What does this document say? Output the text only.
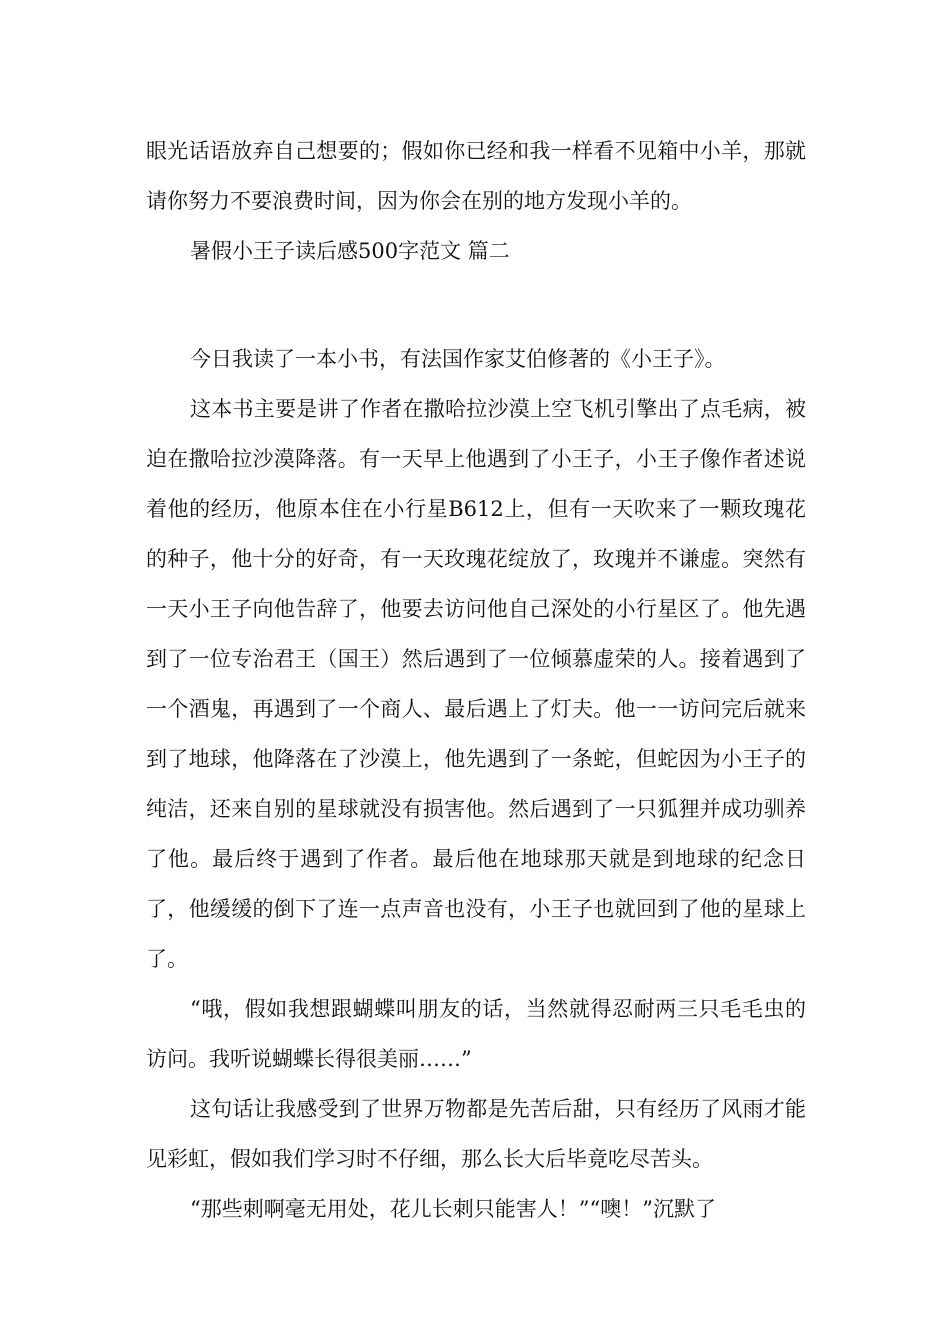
眼光话语放弃自己想要的；假如你已经和我一样看不见箱中小羊，那就请你努力不要浪费时间，因为你会在别的地方发现小羊的。

暑假小王子读后感500字范文 篇二

今日我读了一本小书，有法国作家艾伯修著的《小王子》。

这本书主要是讲了作者在撒哈拉沙漠上空飞机引擎出了点毛病，被迫在撒哈拉沙漠降落。有一天早上他遇到了小王子，小王子像作者述说着他的经历，他原本住在小行星B612上，但有一天吹来了一颗玫瑰花的种子，他十分的好奇，有一天玫瑰花绽放了，玫瑰并不谦虚。突然有一天小王子向他告辞了，他要去访问他自己深处的小行星区了。他先遇到了一位专治君王（国王）然后遇到了一位倾慕虚荣的人。接着遇到了一个酒鬼，再遇到了一个商人、最后遇上了灯夫。他一一访问完后就来到了地球，他降落在了沙漠上，他先遇到了一条蛇，但蛇因为小王子的纯洁，还来自别的星球就没有损害他。然后遇到了一只狐狸并成功驯养了他。最后终于遇到了作者。最后他在地球那天就是到地球的纪念日了，他缓缓的倒下了连一点声音也没有，小王子也就回到了他的星球上了。

“哦，假如我想跟蝴蝶叫朋友的话，当然就得忍耐两三只毛毛虫的访问。我听说蝴蝶长得很美丽……”

这句话让我感受到了世界万物都是先苦后甜，只有经历了风雨才能见彩虹，假如我们学习时不仔细，那么长大后毕竟吃尽苦头。

“那些刺啊毫无用处，花儿长刺只能害人！”“噢！”沉默了
